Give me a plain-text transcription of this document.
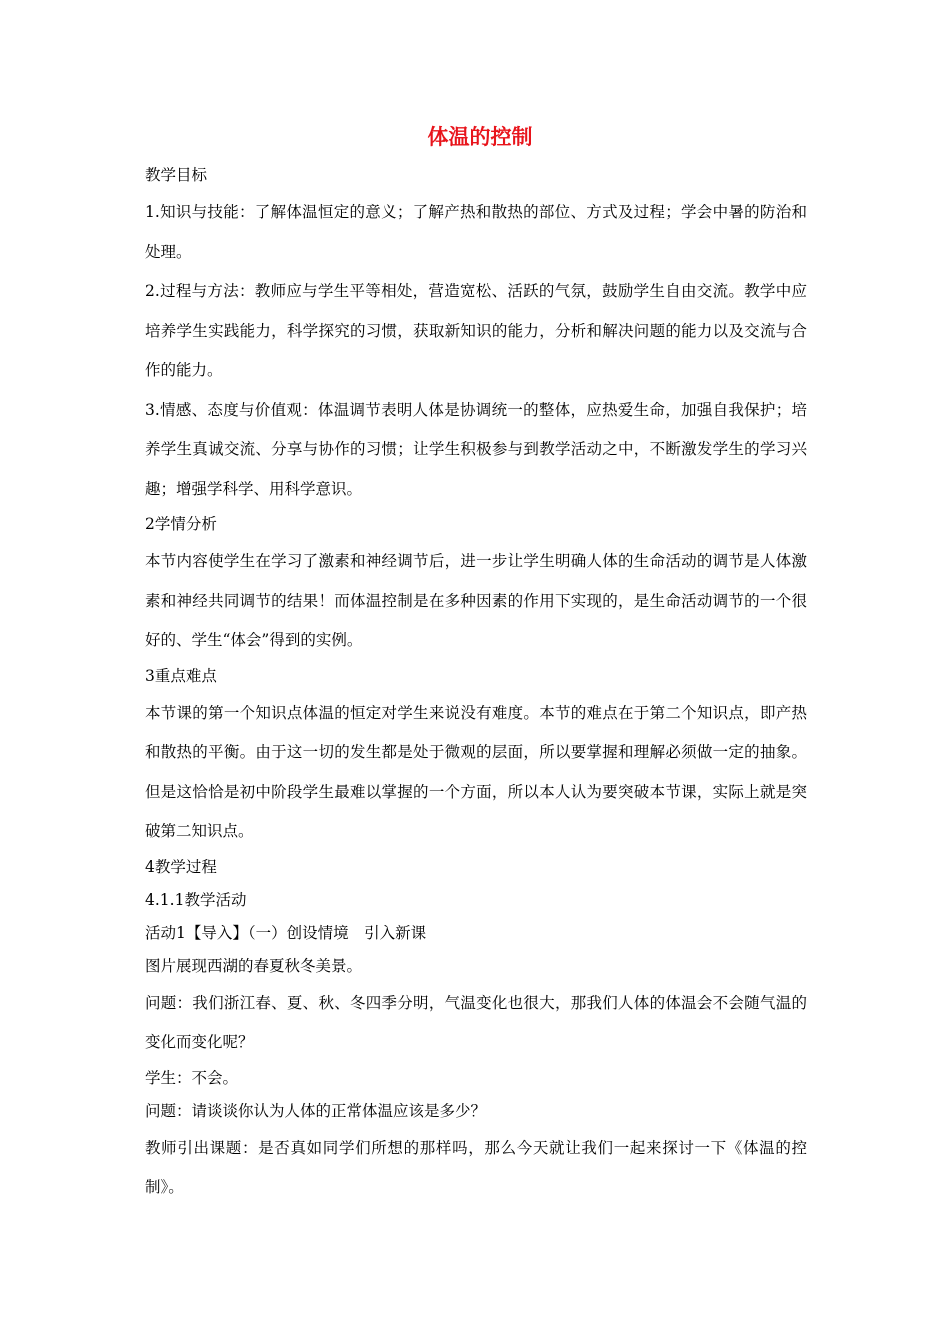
体温的控制
教学目标
1.知识与技能：了解体温恒定的意义；了解产热和散热的部位、方式及过程；学会中暑的防治和处理。
2.过程与方法：教师应与学生平等相处，营造宽松、活跃的气氛，鼓励学生自由交流。教学中应培养学生实践能力，科学探究的习惯，获取新知识的能力，分析和解决问题的能力以及交流与合作的能力。
3.情感、态度与价值观：体温调节表明人体是协调统一的整体，应热爱生命，加强自我保护；培养学生真诚交流、分享与协作的习惯；让学生积极参与到教学活动之中，不断激发学生的学习兴趣；增强学科学、用科学意识。
2学情分析
本节内容使学生在学习了激素和神经调节后，进一步让学生明确人体的生命活动的调节是人体激素和神经共同调节的结果！而体温控制是在多种因素的作用下实现的，是生命活动调节的一个很好的、学生“体会”得到的实例。
3重点难点
本节课的第一个知识点体温的恒定对学生来说没有难度。本节的难点在于第二个知识点，即产热和散热的平衡。由于这一切的发生都是处于微观的层面，所以要掌握和理解必须做一定的抽象。但是这恰恰是初中阶段学生最难以掌握的一个方面，所以本人认为要突破本节课，实际上就是突破第二知识点。
4教学过程
4.1.1教学活动
活动1【导入】（一）创设情境　引入新课
图片展现西湖的春夏秋冬美景。
问题：我们浙江春、夏、秋、冬四季分明，气温变化也很大，那我们人体的体温会不会随气温的变化而变化呢？
学生：不会。
问题：请谈谈你认为人体的正常体温应该是多少？
教师引出课题：是否真如同学们所想的那样吗，那么今天就让我们一起来探讨一下《体温的控制》。
